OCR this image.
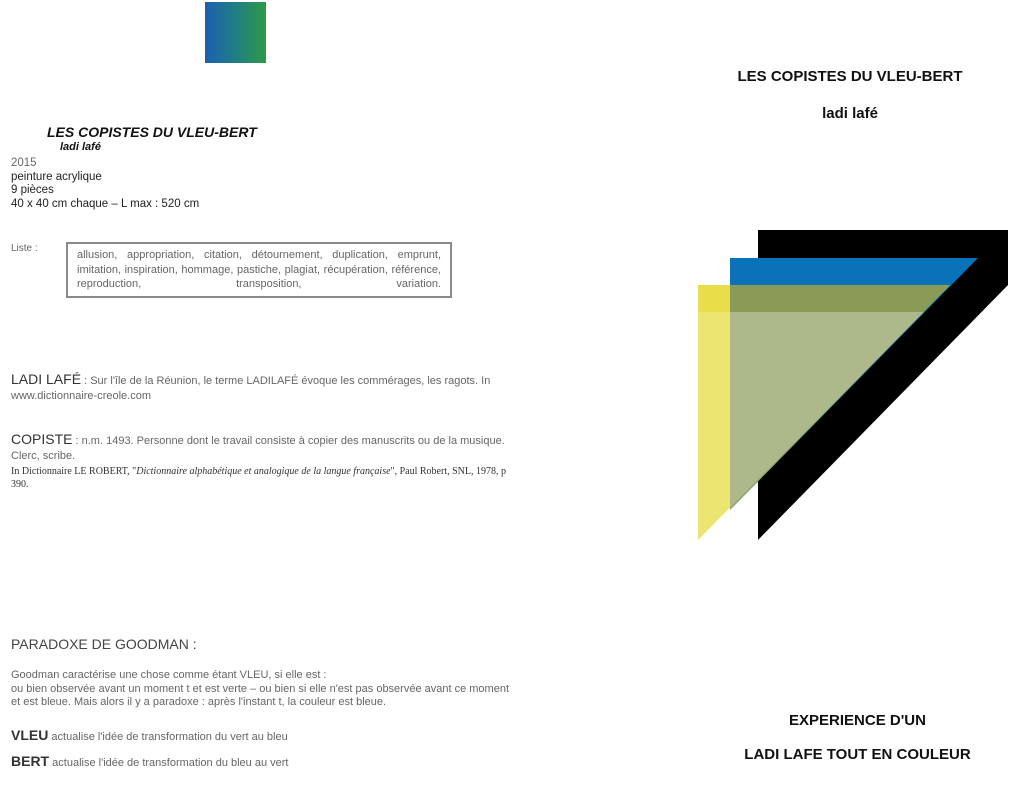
LES COPISTES DU VLEU-BERT
ladi lafé
2015
peinture acrylique
9 pièces
40 x 40 cm chaque – L max : 520 cm
Liste :
allusion, appropriation, citation, détournement, duplication, emprunt, imitation, inspiration, hommage, pastiche, plagiat, récupération, référence, reproduction, transposition, variation.
LADI LAFÉ : Sur l'île de la Réunion, le terme LADILAFÉ évoque les commérages, les ragots. In www.dictionnaire-creole.com
COPISTE : n.m. 1493. Personne dont le travail consiste à copier des manuscrits ou de la musique. Clerc, scribe.
In Dictionnaire LE ROBERT, "Dictionnaire alphabétique et analogique de la langue française", Paul Robert, SNL, 1978, p 390.
PARADOXE DE GOODMAN :
Goodman caractérise une chose comme étant VLEU, si elle est :
ou bien observée avant un moment t et est verte – ou bien si elle n'est pas observée avant ce moment et est bleue. Mais alors il y a paradoxe : après l'instant t, la couleur est bleue.
VLEU actualise l'idée de transformation du vert au bleu
BERT actualise l'idée de transformation du bleu au vert
LES COPISTES DU VLEU-BERT
ladi lafé
EXPERIENCE D'UN
LADI LAFE TOUT EN COULEUR
